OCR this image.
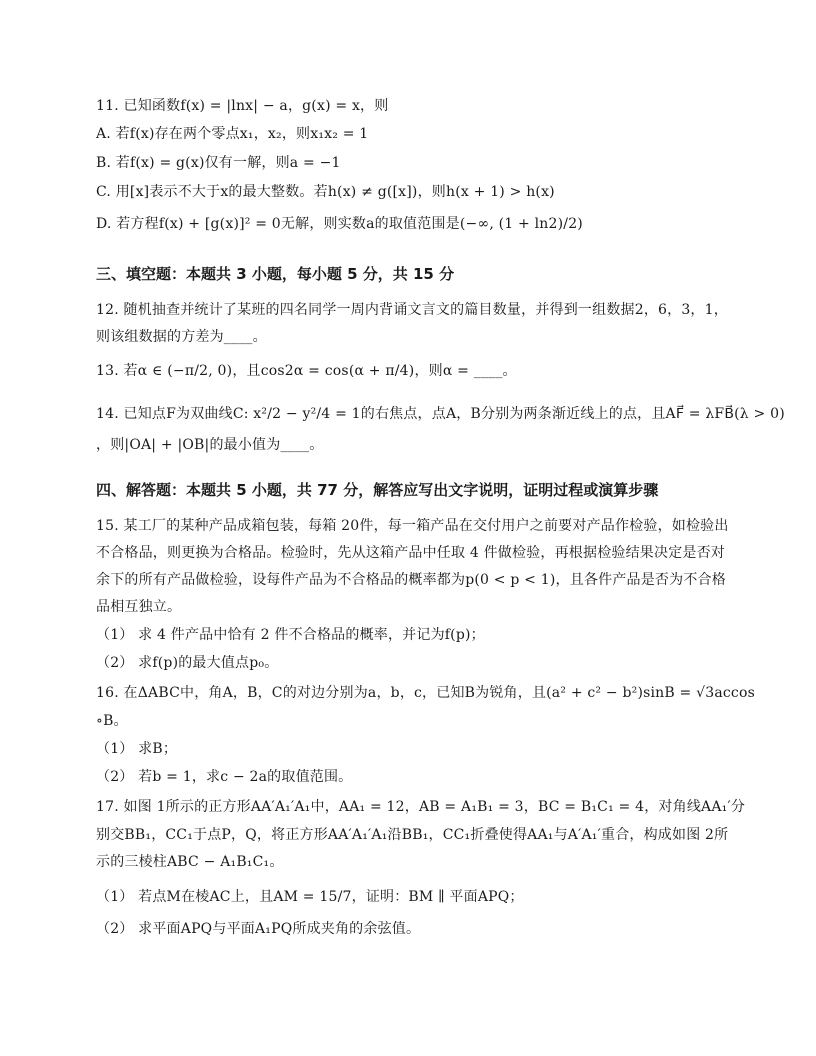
11. 已知函数f(x) = |lnx| − a，g(x) = x，则
A. 若f(x)存在两个零点x₁，x₂，则x₁x₂ = 1
B. 若f(x) = g(x)仅有一解，则a = −1
C. 用[x]表示不大于x的最大整数。若h(x) ≠ g([x])，则h(x + 1) > h(x)
D. 若方程f(x) + [g(x)]² = 0无解，则实数a的取值范围是(−∞, (1 + ln2)/2)
三、填空题：本题共 3 小题，每小题 5 分，共 15 分
12. 随机抽查并统计了某班的四名同学一周内背诵文言文的篇目数量，并得到一组数据2，6，3，1，
则该组数据的方差为____。
13. 若α ∈ (−π/2, 0)，且cos2α = cos(α + π/4)，则α = ____。
14. 已知点F为双曲线C: x²/2 − y²/4 = 1的右焦点，点A，B分别为两条渐近线上的点，且AF⃗ = λFB⃗(λ > 0)
，则|OA| + |OB|的最小值为____。
四、解答题：本题共 5 小题，共 77 分，解答应写出文字说明，证明过程或演算步骤
15. 某工厂的某种产品成箱包装，每箱 20件，每一箱产品在交付用户之前要对产品作检验，如检验出
不合格品，则更换为合格品。检验时，先从这箱产品中任取 4 件做检验，再根据检验结果决定是否对
余下的所有产品做检验，设每件产品为不合格品的概率都为p(0 < p < 1)，且各件产品是否为不合格
品相互独立。
（1） 求 4 件产品中恰有 2 件不合格品的概率，并记为f(p)；
（2） 求f(p)的最大值点p₀。
16. 在ΔABC中，角A，B，C的对边分别为a，b，c，已知B为锐角，且(a² + c² − b²)sinB = √3accos
∘B。
（1） 求B；
（2） 若b = 1，求c − 2a的取值范围。
17. 如图 1所示的正方形AA′A₁′A₁中，AA₁ = 12，AB = A₁B₁ = 3，BC = B₁C₁ = 4，对角线AA₁′分
别交BB₁，CC₁于点P，Q，将正方形AA′A₁′A₁沿BB₁，CC₁折叠使得AA₁与A′A₁′重合，构成如图 2所
示的三棱柱ABC − A₁B₁C₁。
（1） 若点M在棱AC上，且AM = 15/7，证明：BM ∥ 平面APQ；
（2） 求平面APQ与平面A₁PQ所成夹角的余弦值。
